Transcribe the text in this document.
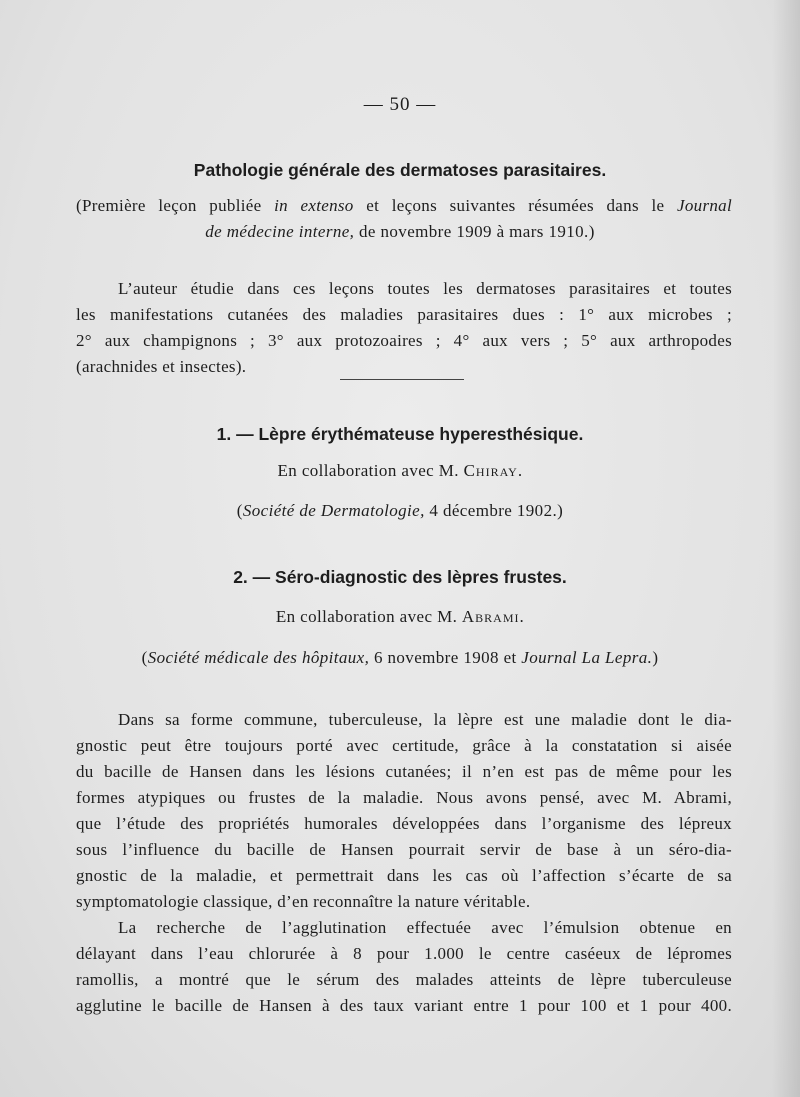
— 50 —
Pathologie générale des dermatoses parasitaires.
(Première leçon publiée in extenso et leçons suivantes résumées dans le Journal
de médecine interne, de novembre 1909 à mars 1910.)
L’auteur étudie dans ces leçons toutes les dermatoses parasitaires et toutes
les manifestations cutanées des maladies parasitaires dues : 1° aux microbes ;
2° aux champignons ; 3° aux protozoaires ; 4° aux vers ; 5° aux arthropodes
(arachnides et insectes).
1. — Lèpre érythémateuse hyperesthésique.
En collaboration avec M. Chiray.
(Société de Dermatologie, 4 décembre 1902.)
2. — Séro-diagnostic des lèpres frustes.
En collaboration avec M. Abrami.
(Société médicale des hôpitaux, 6 novembre 1908 et Journal La Lepra.)
Dans sa forme commune, tuberculeuse, la lèpre est une maladie dont le dia-
gnostic peut être toujours porté avec certitude, grâce à la constatation si aisée
du bacille de Hansen dans les lésions cutanées; il n’en est pas de même pour les
formes atypiques ou frustes de la maladie. Nous avons pensé, avec M. Abrami,
que l’étude des propriétés humorales développées dans l’organisme des lépreux
sous l’influence du bacille de Hansen pourrait servir de base à un séro-dia-
gnostic de la maladie, et permettrait dans les cas où l’affection s’écarte de sa
symptomatologie classique, d’en reconnaître la nature véritable.
La recherche de l’agglutination effectuée avec l’émulsion obtenue en
délayant dans l’eau chlorurée à 8 pour 1.000 le centre caséeux de lépromes
ramollis, a montré que le sérum des malades atteints de lèpre tuberculeuse
agglutine le bacille de Hansen à des taux variant entre 1 pour 100 et 1 pour 400.
